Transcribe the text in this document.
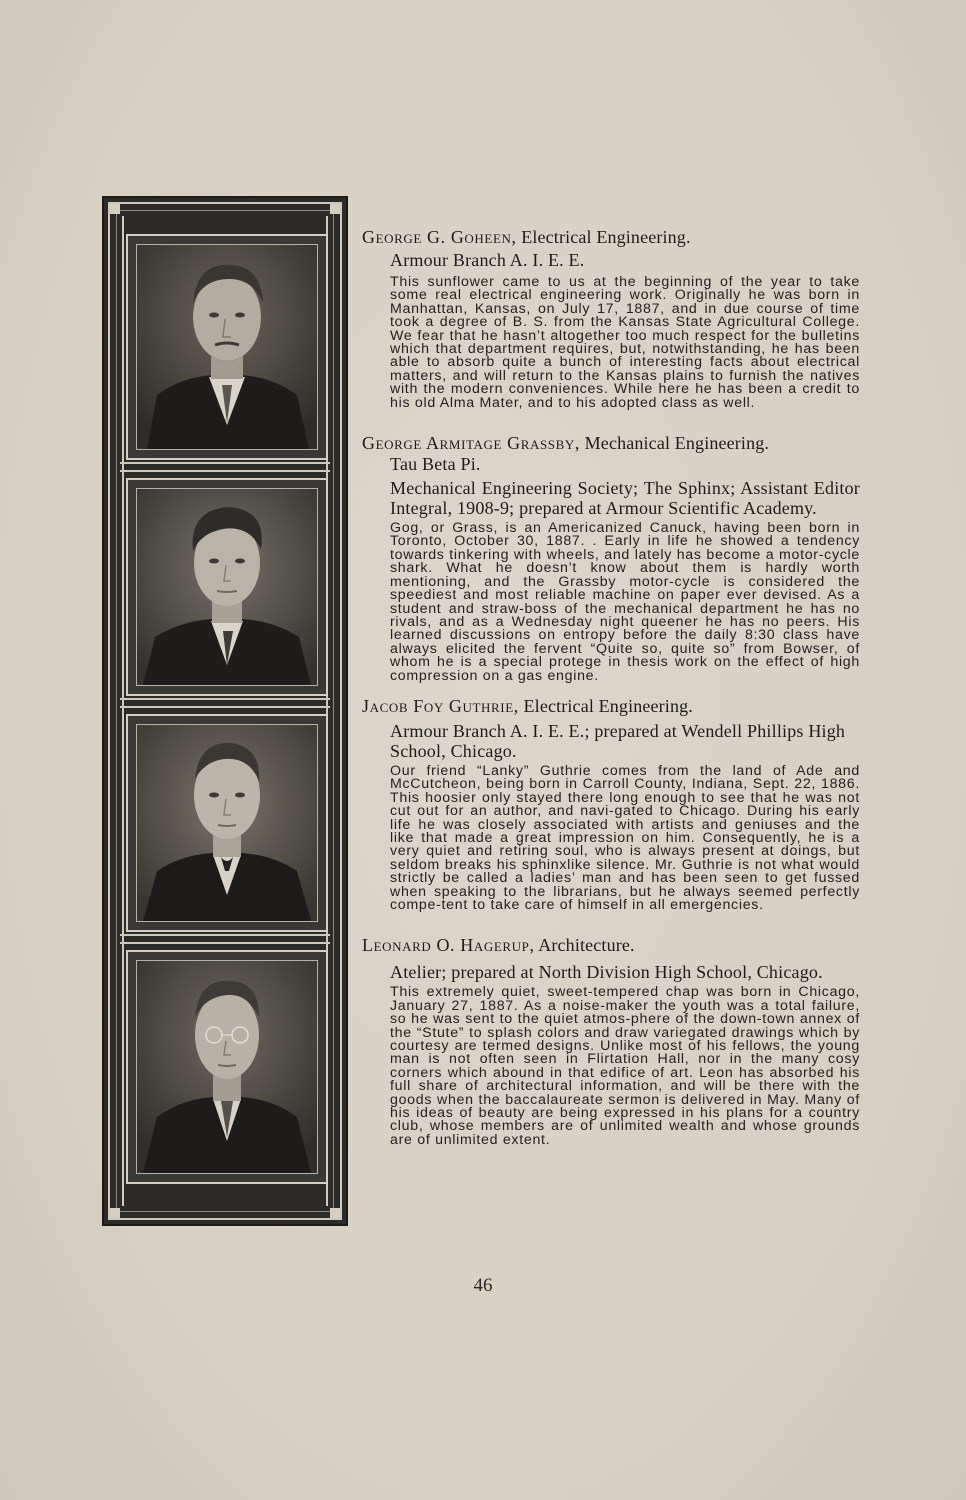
George G. Goheen, Electrical Engineering.

Armour Branch A. I. E. E.

This sunflower came to us at the beginning of the year to take some real electrical engineering work. Originally he was born in Manhattan, Kansas, on July 17, 1887, and in due course of time took a degree of B. S. from the Kansas State Agricultural College. We fear that he hasn’t altogether too much respect for the bulletins which that department requires, but, notwithstanding, he has been able to absorb quite a bunch of interesting facts about electrical matters, and will return to the Kansas plains to furnish the natives with the modern conveniences. While here he has been a credit to his old Alma Mater, and to his adopted class as well.

George Armitage Grassby, Mechanical Engineering.

Tau Beta Pi.

Mechanical Engineering Society; The Sphinx; Assistant Editor Integral, 1908-9; prepared at Armour Scientific Academy.

Gog, or Grass, is an Americanized Canuck, having been born in Toronto, October 30, 1887. . Early in life he showed a tendency towards tinkering with wheels, and lately has become a motor-cycle shark. What he doesn’t know about them is hardly worth mentioning, and the Grassby motor-cycle is considered the speediest and most reliable machine on paper ever devised. As a student and straw-boss of the mechanical department he has no rivals, and as a Wednesday night queener he has no peers. His learned discussions on entropy before the daily 8:30 class have always elicited the fervent “Quite so, quite so” from Bowser, of whom he is a special protege in thesis work on the effect of high compression on a gas engine.

Jacob Foy Guthrie, Electrical Engineering.

Armour Branch A. I. E. E.; prepared at Wendell Phillips High School, Chicago.

Our friend “Lanky” Guthrie comes from the land of Ade and McCutcheon, being born in Carroll County, Indiana, Sept. 22, 1886. This hoosier only stayed there long enough to see that he was not cut out for an author, and navi-gated to Chicago. During his early life he was closely associated with artists and geniuses and the like that made a great impression on him. Consequently, he is a very quiet and retiring soul, who is always present at doings, but seldom breaks his sphinxlike silence. Mr. Guthrie is not what would strictly be called a ladies’ man and has been seen to get fussed when speaking to the librarians, but he always seemed perfectly compe-tent to take care of himself in all emergencies.

Leonard O. Hagerup, Architecture.

Atelier; prepared at North Division High School, Chicago.

This extremely quiet, sweet-tempered chap was born in Chicago, January 27, 1887. As a noise-maker the youth was a total failure, so he was sent to the quiet atmos-phere of the down-town annex of the “Stute” to splash colors and draw variegated drawings which by courtesy are termed designs. Unlike most of his fellows, the young man is not often seen in Flirtation Hall, nor in the many cosy corners which abound in that edifice of art. Leon has absorbed his full share of architectural information, and will be there with the goods when the baccalaureate sermon is delivered in May. Many of his ideas of beauty are being expressed in his plans for a country club, whose members are of unlimited wealth and whose grounds are of unlimited extent.

46
